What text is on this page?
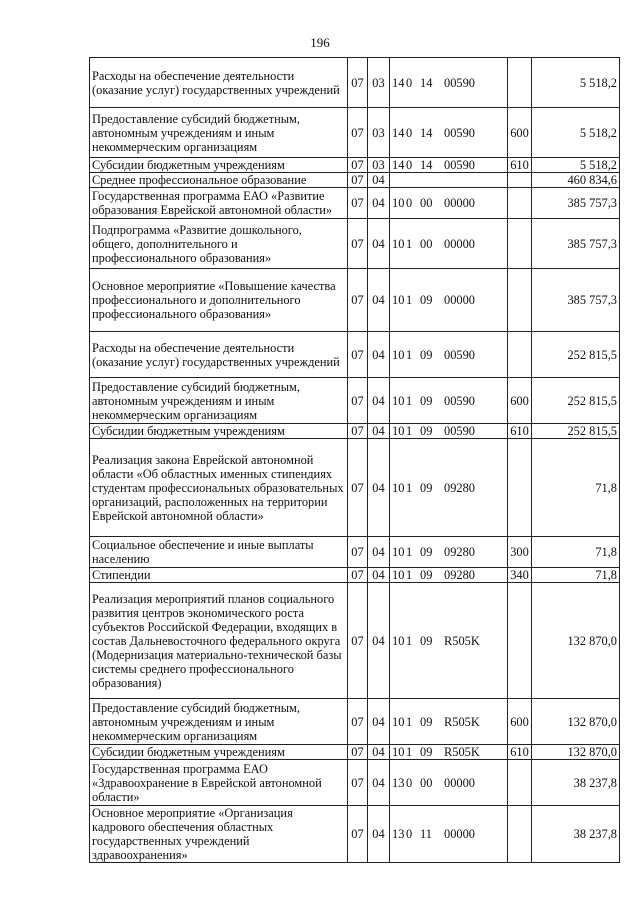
196
Расходы на обеспечение деятельности (оказание услуг) государственных учреждений	07	03	14 0 14 00590		5 518,2
Предоставление субсидий бюджетным, автономным учреждениям и иным некоммерческим организациям	07	03	14 0 14 00590	600	5 518,2
Субсидии бюджетным учреждениям	07	03	14 0 14 00590	610	5 518,2
Среднее профессиональное образование	07	04			460 834,6
Государственная программа ЕАО «Развитие образования Еврейской автономной области»	07	04	10 0 00 00000		385 757,3
Подпрограмма «Развитие дошкольного, общего, дополнительного и профессионального образования»	07	04	10 1 00 00000		385 757,3
Основное мероприятие «Повышение качества профессионального и дополнительного профессионального образования»	07	04	10 1 09 00000		385 757,3
Расходы на обеспечение деятельности (оказание услуг) государственных учреждений	07	04	10 1 09 00590		252 815,5
Предоставление субсидий бюджетным, автономным учреждениям и иным некоммерческим организациям	07	04	10 1 09 00590	600	252 815,5
Субсидии бюджетным учреждениям	07	04	10 1 09 00590	610	252 815,5
Реализация закона Еврейской автономной области «Об областных именных стипендиях студентам профессиональных образовательных организаций, расположенных на территории Еврейской автономной области»	07	04	10 1 09 09280		71,8
Социальное обеспечение и иные выплаты населению	07	04	10 1 09 09280	300	71,8
Стипендии	07	04	10 1 09 09280	340	71,8
Реализация мероприятий планов социального развития центров экономического роста субъектов Российской Федерации, входящих в состав Дальневосточного федерального округа (Модернизация материально-технической базы системы среднего профессионального образования)	07	04	10 1 09 R505K		132 870,0
Предоставление субсидий бюджетным, автономным учреждениям и иным некоммерческим организациям	07	04	10 1 09 R505K	600	132 870,0
Субсидии бюджетным учреждениям	07	04	10 1 09 R505K	610	132 870,0
Государственная программа ЕАО «Здравоохранение в Еврейской автономной области»	07	04	13 0 00 00000		38 237,8
Основное мероприятие «Организация кадрового обеспечения областных государственных учреждений здравоохранения»	07	04	13 0 11 00000		38 237,8
